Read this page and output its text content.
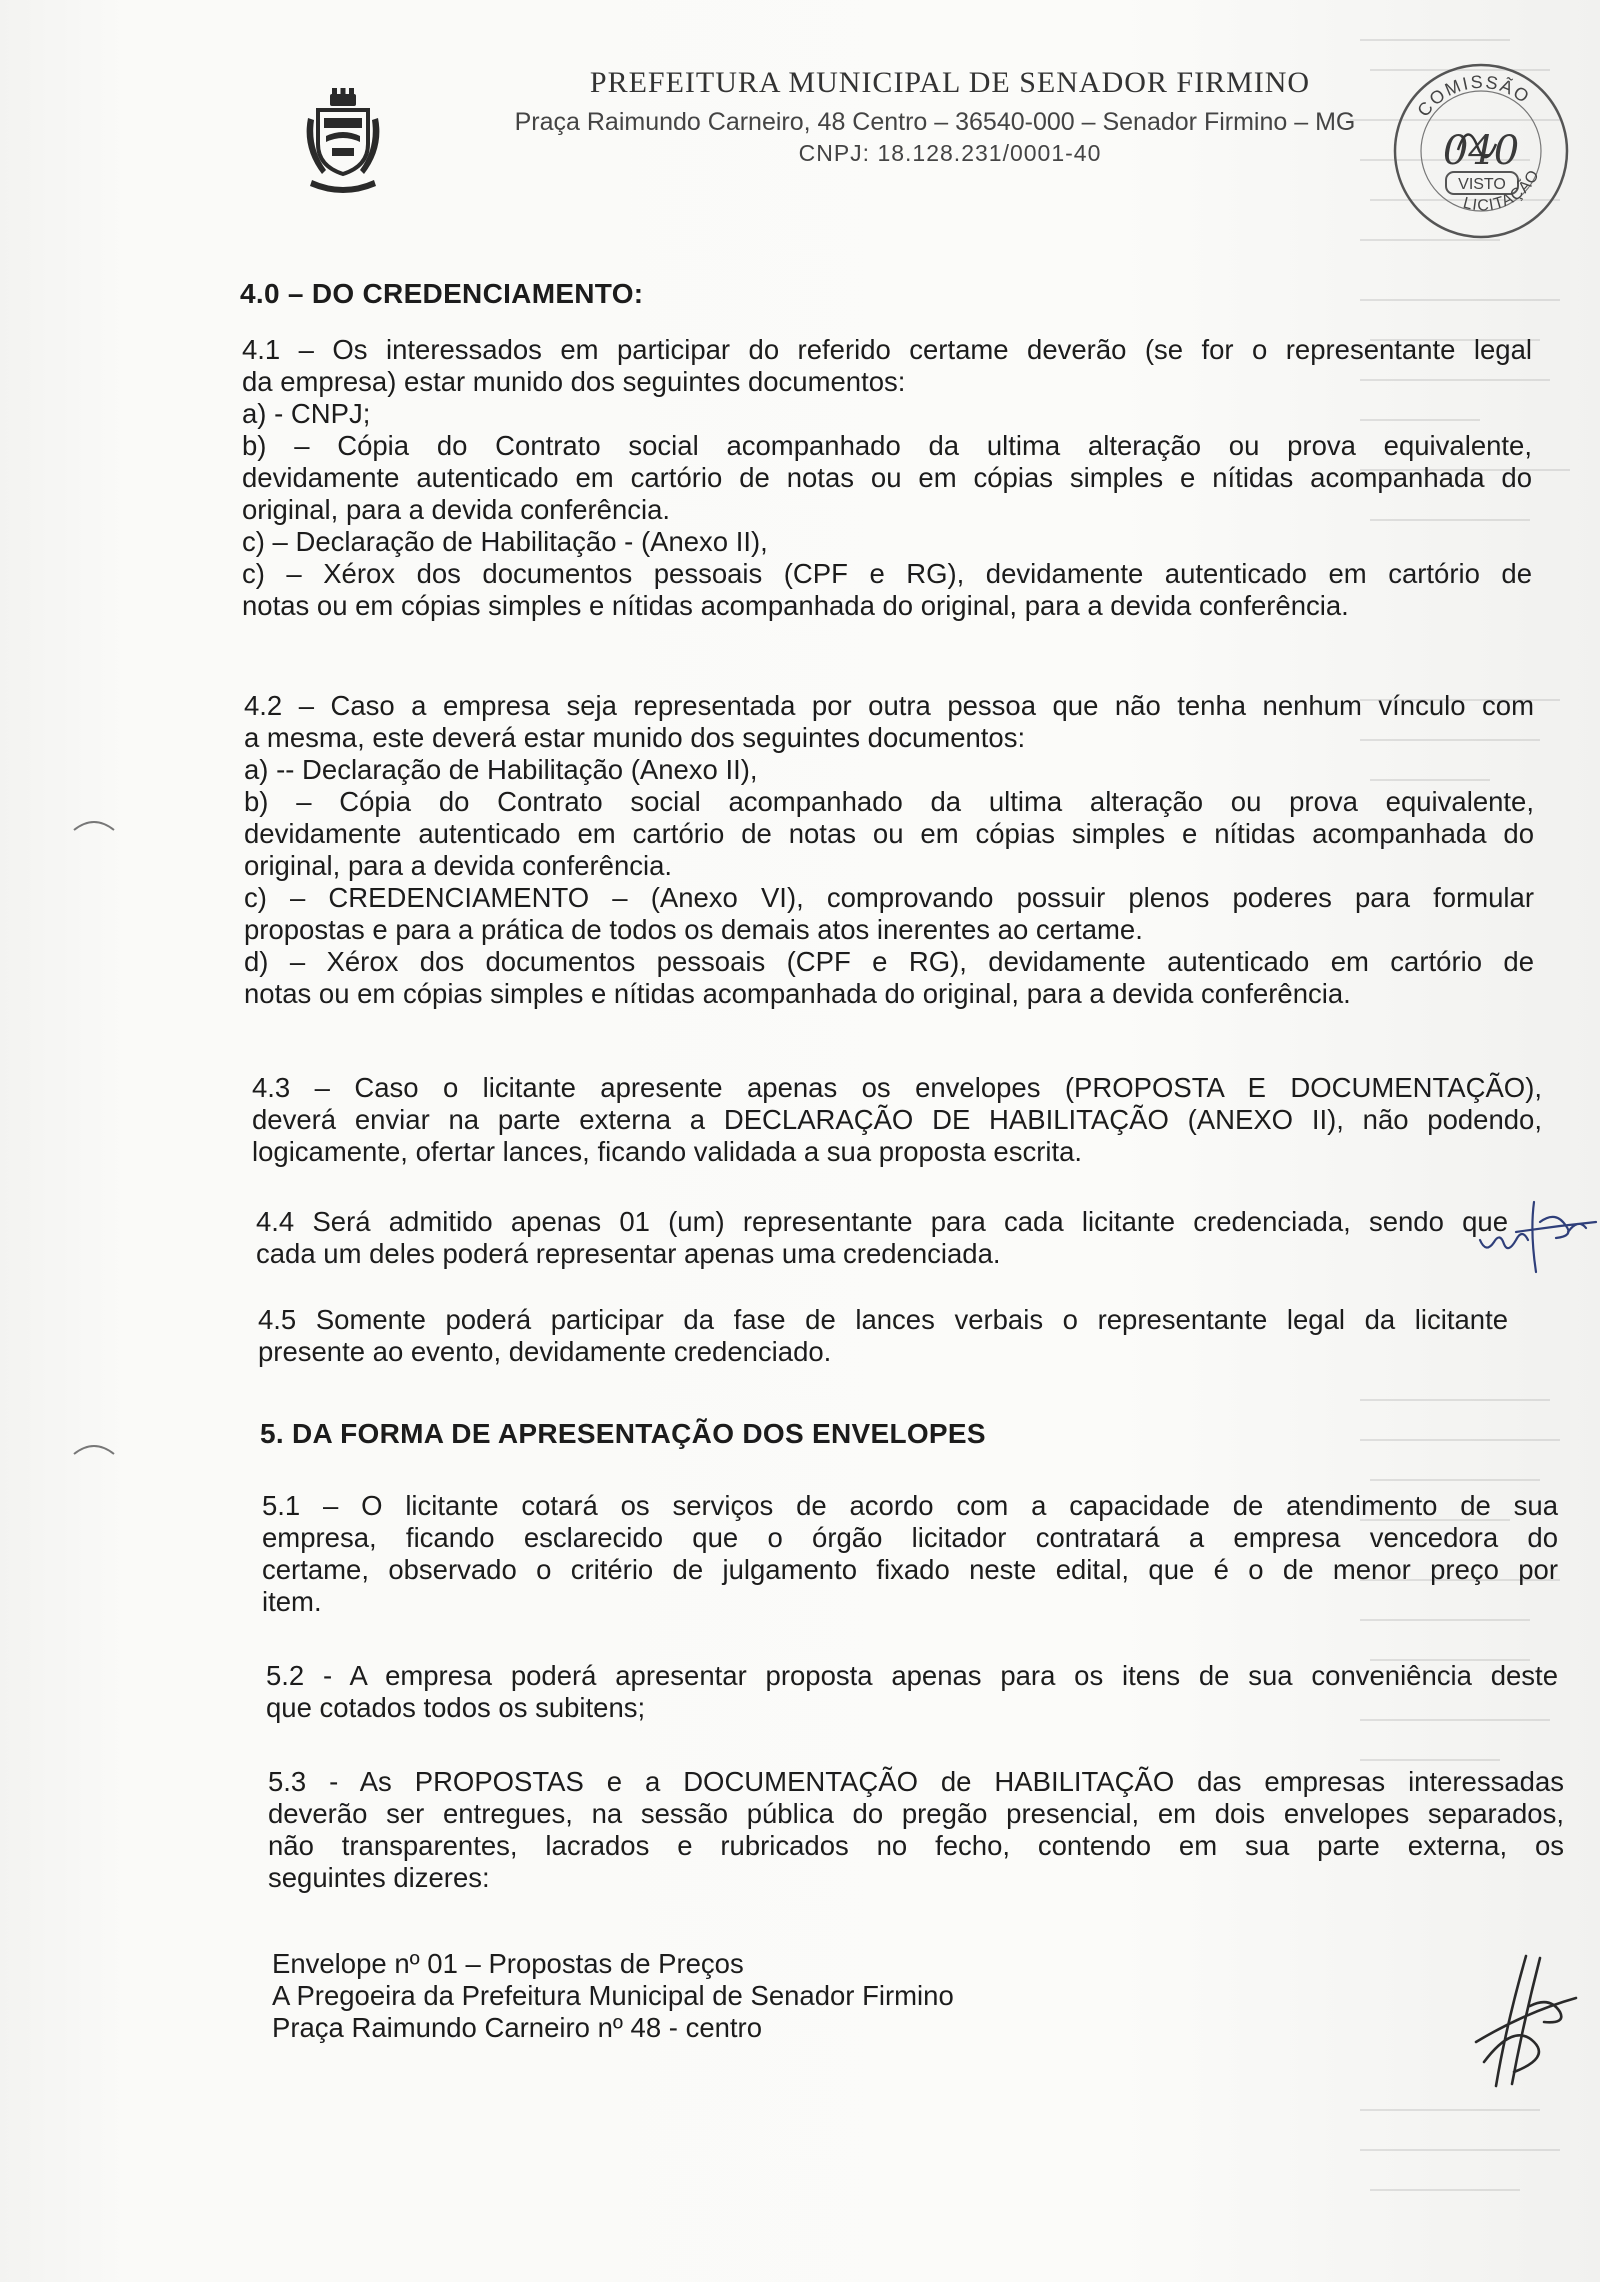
PREFEITURA MUNICIPAL DE SENADOR FIRMINO
Praça Raimundo Carneiro, 48 Centro – 36540-000 – Senador Firmino – MG
CNPJ: 18.128.231/0001-40
COMISSÃO
040
VISTO
LICITAÇÃO
4.0 – DO CREDENCIAMENTO:
4.1 – Os interessados em participar do referido certame deverão (se for o representante legal
da empresa) estar munido dos seguintes documentos:
a) - CNPJ;
b) – Cópia do Contrato social acompanhado da ultima alteração ou prova equivalente,
devidamente autenticado em cartório de notas ou em cópias simples e nítidas acompanhada do
original, para a devida conferência.
c) – Declaração de Habilitação - (Anexo II),
c) – Xérox dos documentos pessoais (CPF e RG), devidamente autenticado em cartório de
notas ou em cópias simples e nítidas acompanhada do original, para a devida conferência.
4.2 – Caso a empresa seja representada por outra pessoa que não tenha nenhum vínculo com
a mesma, este deverá estar munido dos seguintes documentos:
a) -- Declaração de Habilitação (Anexo II),
b) – Cópia do Contrato social acompanhado da ultima alteração ou prova equivalente,
devidamente autenticado em cartório de notas ou em cópias simples e nítidas acompanhada do
original, para a devida conferência.
c) – CREDENCIAMENTO – (Anexo VI), comprovando possuir plenos poderes para formular
propostas e para a prática de todos os demais atos inerentes ao certame.
d) – Xérox dos documentos pessoais (CPF e RG), devidamente autenticado em cartório de
notas ou em cópias simples e nítidas acompanhada do original, para a devida conferência.
4.3 – Caso o licitante apresente apenas os envelopes (PROPOSTA E DOCUMENTAÇÃO),
deverá enviar na parte externa a DECLARAÇÃO DE HABILITAÇÃO (ANEXO II), não podendo,
logicamente, ofertar lances, ficando validada a sua proposta escrita.
4.4 Será admitido apenas 01 (um) representante para cada licitante credenciada, sendo que
cada um deles poderá representar apenas uma credenciada.
4.5 Somente poderá participar da fase de lances verbais o representante legal da licitante
presente ao evento, devidamente credenciado.
5. DA FORMA DE APRESENTAÇÃO DOS ENVELOPES
5.1 – O licitante cotará os serviços de acordo com a capacidade de atendimento de sua
empresa, ficando esclarecido que o órgão licitador contratará a empresa vencedora do
certame, observado o critério de julgamento fixado neste edital, que é o de menor preço por
item.
5.2 - A empresa poderá apresentar proposta apenas para os itens de sua conveniência deste
que cotados todos os subitens;
5.3 - As PROPOSTAS e a DOCUMENTAÇÃO de HABILITAÇÃO das empresas interessadas
deverão ser entregues, na sessão pública do pregão presencial, em dois envelopes separados,
não transparentes, lacrados e rubricados no fecho, contendo em sua parte externa, os
seguintes dizeres:
Envelope nº 01 – Propostas de Preços
A Pregoeira da Prefeitura Municipal de Senador Firmino
Praça Raimundo Carneiro nº 48 - centro
